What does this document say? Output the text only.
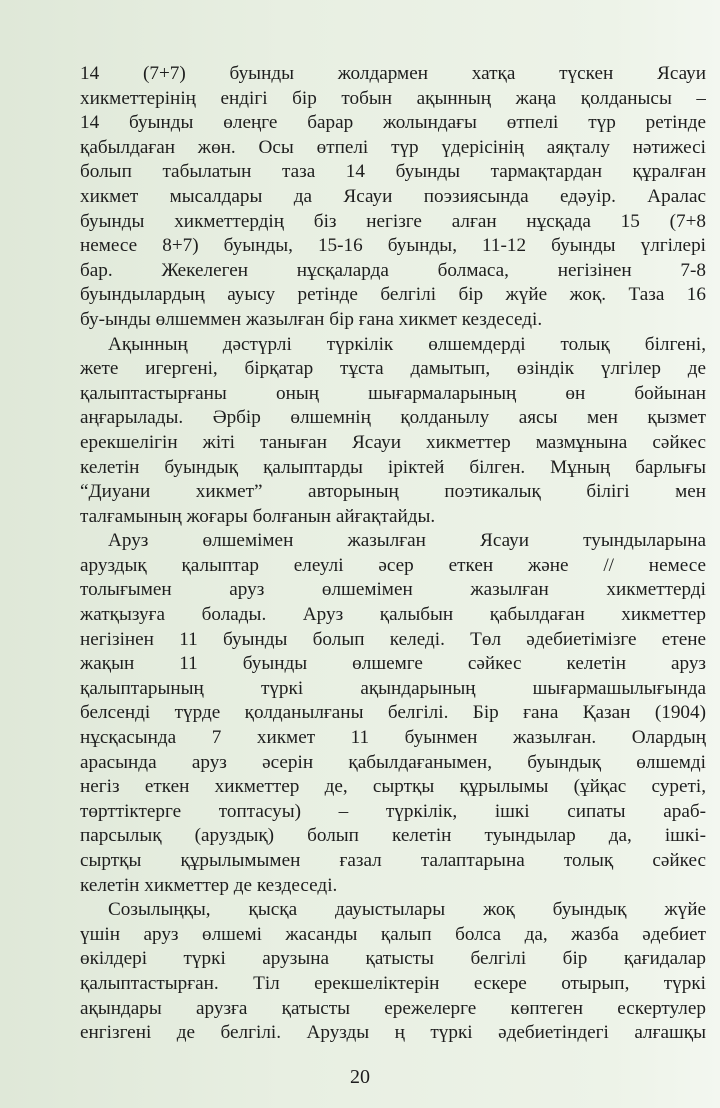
14 (7+7) буынды жолдармен хатқа түскен Ясауи
хикметтерінің ендігі бір тобын ақынның жаңа қолданысы –
14 буынды өлеңге барар жолындағы өтпелі түр ретінде
қабылдаған жөн. Осы өтпелі түр үдерісінің аяқталу нәтижесі
болып табылатын таза 14 буынды тармақтардан құралған
хикмет мысалдары да Ясауи поэзиясында едәуір. Аралас
буынды хикметтердің біз негізге алған нұсқада 15 (7+8
немесе 8+7) буынды, 15-16 буынды, 11-12 буынды үлгілері
бар. Жекелеген нұсқаларда болмаса, негізінен 7-8
буындылардың ауысу ретінде белгілі бір жүйе жоқ. Таза 16
бу-ынды өлшеммен жазылған бір ғана хикмет кездеседі.
Ақынның дәстүрлі түркілік өлшемдерді толық білгені,
жете игергені, бірқатар тұста дамытып, өзіндік үлгілер де
қалыптастырғаны оның шығармаларының өн бойынан
аңғарылады. Әрбір өлшемнің қолданылу аясы мен қызмет
ерекшелігін жіті таныған Ясауи хикметтер мазмұнына сәйкес
келетін буындық қалыптарды іріктей білген. Мұның барлығы
“Диуани хикмет” авторының поэтикалық білігі мен
талғамының жоғары болғанын айғақтайды.
Аруз өлшемімен жазылған Ясауи туындыларына
аруздық қалыптар елеулі әсер еткен және // немесе
толығымен аруз өлшемімен жазылған хикметтерді
жатқызуға болады. Аруз қалыбын қабылдаған хикметтер
негізінен 11 буынды болып келеді. Төл әдебиетімізге етене
жақын 11 буынды өлшемге сәйкес келетін аруз
қалыптарының түркі ақындарының шығармашылығында
белсенді түрде қолданылғаны белгілі. Бір ғана Қазан (1904)
нұсқасында 7 хикмет 11 буынмен жазылған. Олардың
арасында аруз әсерін қабылдағанымен, буындық өлшемді
негіз еткен хикметтер де, сыртқы құрылымы (ұйқас суреті,
төрттіктерге топтасуы) – түркілік, ішкі сипаты араб-
парсылық (аруздық) болып келетін туындылар да, ішкі-
сыртқы құрылымымен ғазал талаптарына толық сәйкес
келетін хикметтер де кездеседі.
Созылыңқы, қысқа дауыстылары жоқ буындық жүйе
үшін аруз өлшемі жасанды қалып болса да, жазба әдебиет
өкілдері түркі арузына қатысты белгілі бір қағидалар
қалыптастырған. Тіл ерекшеліктерін ескере отырып, түркі
ақындары арузға қатысты ережелерге көптеген ескертулер
енгізгені де белгілі. Арузды ң түркі әдебиетіндегі алғашқы
20
